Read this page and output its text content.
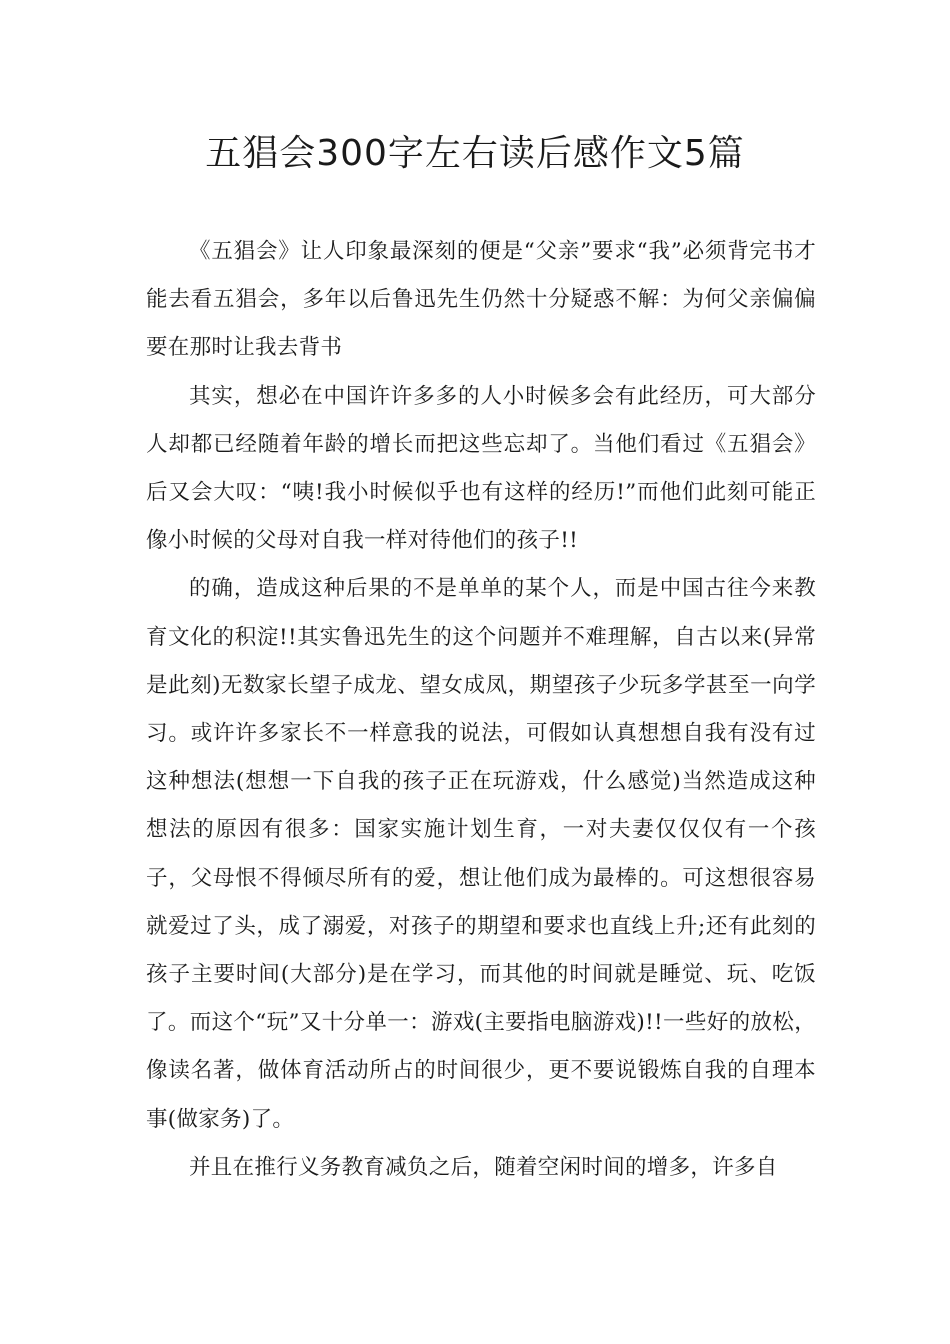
五猖会300字左右读后感作文5篇

《五猖会》让人印象最深刻的便是“父亲”要求“我”必须背完书才能去看五猖会，多年以后鲁迅先生仍然十分疑惑不解：为何父亲偏偏要在那时让我去背书

其实，想必在中国许许多多的人小时候多会有此经历，可大部分人却都已经随着年龄的增长而把这些忘却了。当他们看过《五猖会》后又会大叹：“咦!我小时候似乎也有这样的经历!”而他们此刻可能正像小时候的父母对自我一样对待他们的孩子!!

的确，造成这种后果的不是单单的某个人，而是中国古往今来教育文化的积淀!!其实鲁迅先生的这个问题并不难理解，自古以来(异常是此刻)无数家长望子成龙、望女成凤，期望孩子少玩多学甚至一向学习。或许许多家长不一样意我的说法，可假如认真想想自我有没有过这种想法(想想一下自我的孩子正在玩游戏，什么感觉)当然造成这种想法的原因有很多：国家实施计划生育，一对夫妻仅仅仅有一个孩子，父母恨不得倾尽所有的爱，想让他们成为最棒的。可这想很容易就爱过了头，成了溺爱，对孩子的期望和要求也直线上升;还有此刻的孩子主要时间(大部分)是在学习，而其他的时间就是睡觉、玩、吃饭了。而这个“玩”又十分单一：游戏(主要指电脑游戏)!!一些好的放松，像读名著，做体育活动所占的时间很少，更不要说锻炼自我的自理本事(做家务)了。

并且在推行义务教育减负之后，随着空闲时间的增多，许多自
